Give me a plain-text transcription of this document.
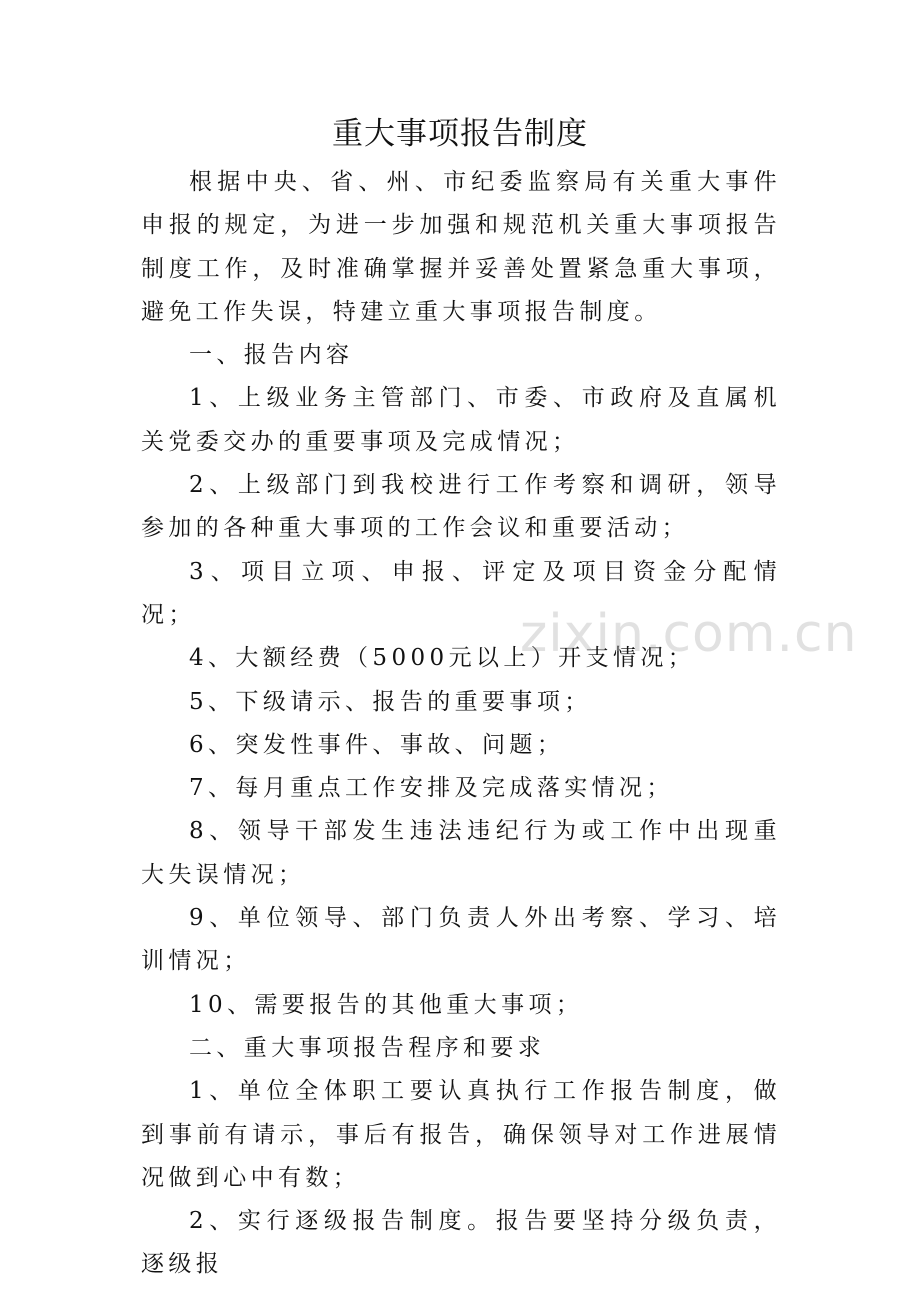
重大事项报告制度

根据中央、省、州、市纪委监察局有关重大事件申报的规定，为进一步加强和规范机关重大事项报告制度工作，及时准确掌握并妥善处置紧急重大事项，避免工作失误，特建立重大事项报告制度。

一、报告内容

1、上级业务主管部门、市委、市政府及直属机关党委交办的重要事项及完成情况；

2、上级部门到我校进行工作考察和调研，领导参加的各种重大事项的工作会议和重要活动；

3、项目立项、申报、评定及项目资金分配情况；

4、大额经费（5000元以上）开支情况；

5、下级请示、报告的重要事项；

6、突发性事件、事故、问题；

7、每月重点工作安排及完成落实情况；

8、领导干部发生违法违纪行为或工作中出现重大失误情况；

9、单位领导、部门负责人外出考察、学习、培训情况；

10、需要报告的其他重大事项；

二、重大事项报告程序和要求

1、单位全体职工要认真执行工作报告制度，做到事前有请示，事后有报告，确保领导对工作进展情况做到心中有数；

2、实行逐级报告制度。报告要坚持分级负责，逐级报

zixin.com.cn
